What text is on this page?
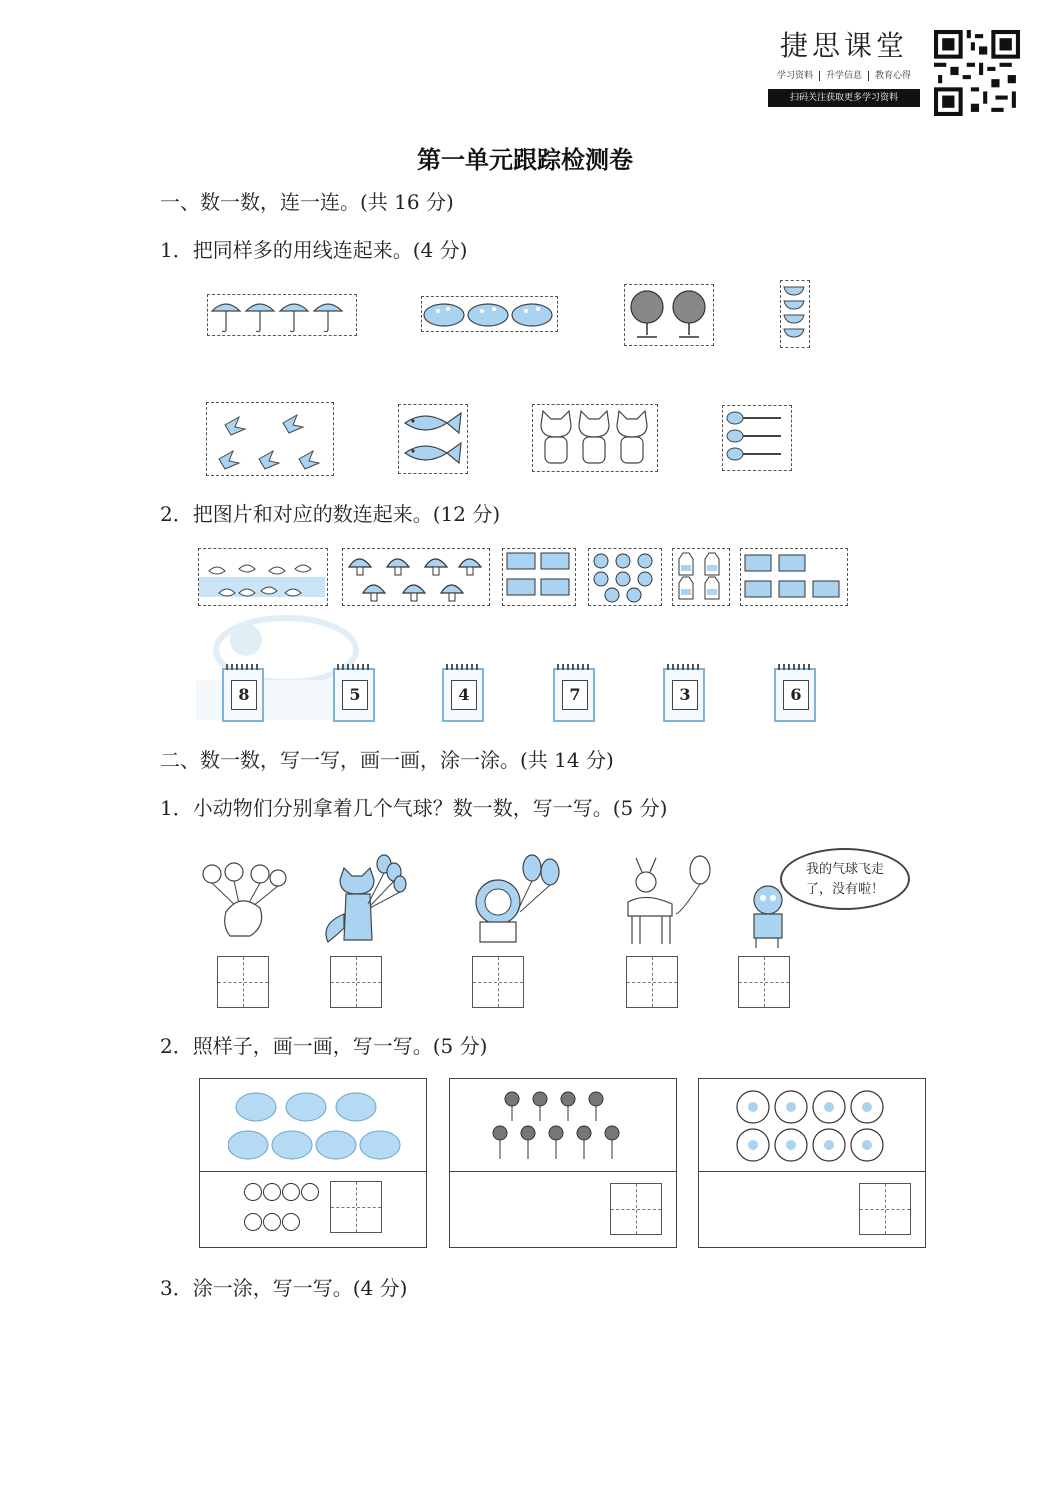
捷思课堂
学习资料 升学信息 教育心得
扫码关注获取更多学习资料
第一单元跟踪检测卷
一、数一数，连一连。(共 16 分)
1．把同样多的用线连起来。(4 分)
2．把图片和对应的数连起来。(12 分)
8	5	4	7	3	6
二、数一数，写一写，画一画，涂一涂。(共 14 分)
1．小动物们分别拿着几个气球？数一数，写一写。(5 分)
我的气球飞走
了，没有啦！
2．照样子，画一画，写一写。(5 分)
3．涂一涂，写一写。(4 分)
